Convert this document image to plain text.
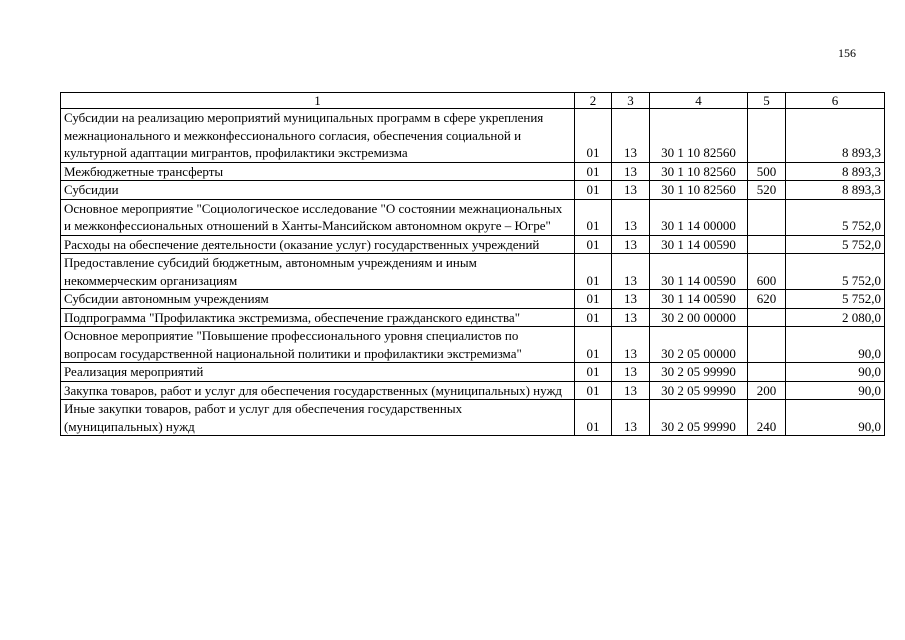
156
1	2	3	4	5	6

Субсидии на реализацию мероприятий муниципальных программ в сфере укрепления межнационального и межконфессионального согласия, обеспечения социальной и культурной адаптации мигрантов, профилактики экстремизма	01	13	30 1 10 82560		8 893,3

Межбюджетные трансферты	01	13	30 1 10 82560	500	8 893,3

Субсидии	01	13	30 1 10 82560	520	8 893,3

Основное мероприятие "Социологическое исследование "О состоянии межнациональных и межконфессиональных отношений в Ханты-Мансийском автономном округе – Югре"	01	13	30 1 14 00000		5 752,0

Расходы на обеспечение деятельности (оказание услуг) государственных учреждений	01	13	30 1 14 00590		5 752,0

Предоставление субсидий бюджетным, автономным учреждениям и иным некоммерческим организациям	01	13	30 1 14 00590	600	5 752,0

Субсидии автономным учреждениям	01	13	30 1 14 00590	620	5 752,0

Подпрограмма "Профилактика экстремизма, обеспечение гражданского единства"	01	13	30 2 00 00000		2 080,0

Основное мероприятие "Повышение профессионального уровня специалистов по вопросам государственной национальной политики и профилактики экстремизма"	01	13	30 2 05 00000		90,0

Реализация мероприятий	01	13	30 2 05 99990		90,0

Закупка товаров, работ и услуг для обеспечения государственных (муниципальных) нужд	01	13	30 2 05 99990	200	90,0

Иные закупки товаров, работ и услуг для обеспечения государственных (муниципальных) нужд	01	13	30 2 05 99990	240	90,0
